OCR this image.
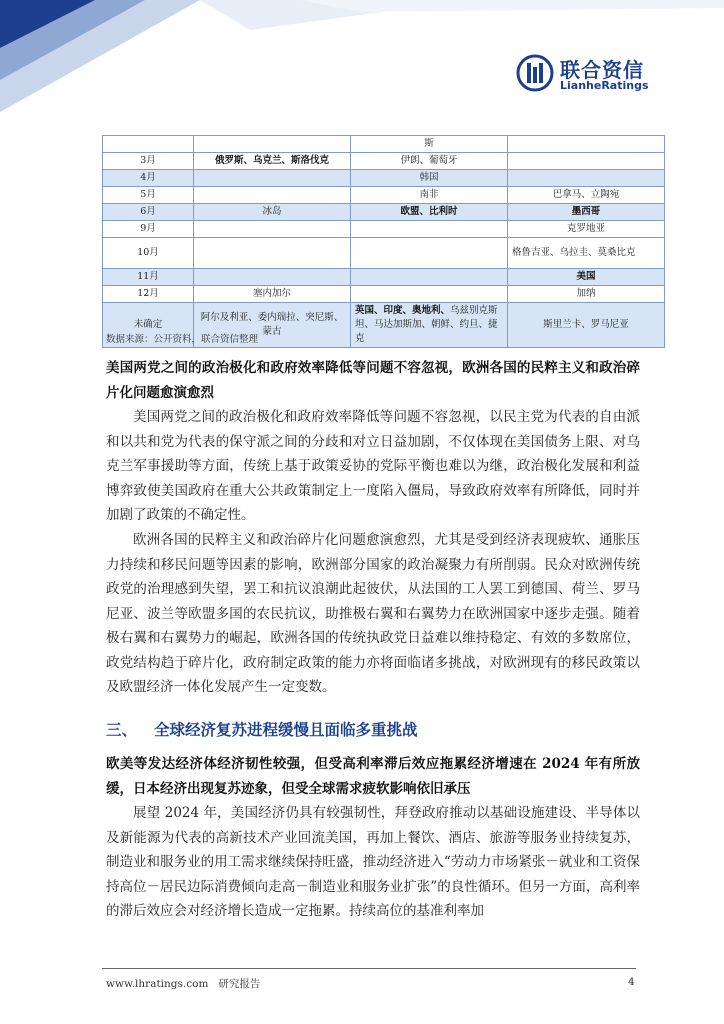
联合资信
LianheRatings
		斯	
3月	俄罗斯、乌克兰、斯洛伐克	伊朗、葡萄牙	
4月		韩国	
5月		南非	巴拿马、立陶宛
6月	冰岛	欧盟、比利时	墨西哥
9月			克罗地亚
10月			格鲁吉亚、乌拉圭、莫桑比克
11月			美国
12月	塞内加尔		加纳
未确定	阿尔及利亚、委内瑞拉、突尼斯、蒙古	英国、印度、奥地利、乌兹别克斯坦、马达加斯加、朝鲜、约旦、捷克	斯里兰卡、罗马尼亚
数据来源：公开资料，联合资信整理
美国两党之间的政治极化和政府效率降低等问题不容忽视，欧洲各国的民粹主义和政治碎片化问题愈演愈烈
美国两党之间的政治极化和政府效率降低等问题不容忽视，以民主党为代表的自由派和以共和党为代表的保守派之间的分歧和对立日益加剧，不仅体现在美国债务上限、对乌克兰军事援助等方面，传统上基于政策妥协的党际平衡也难以为继，政治极化发展和利益博弈致使美国政府在重大公共政策制定上一度陷入僵局，导致政府效率有所降低，同时并加剧了政策的不确定性。
欧洲各国的民粹主义和政治碎片化问题愈演愈烈，尤其是受到经济表现疲软、通胀压力持续和移民问题等因素的影响，欧洲部分国家的政治凝聚力有所削弱。民众对欧洲传统政党的治理感到失望，罢工和抗议浪潮此起彼伏，从法国的工人罢工到德国、荷兰、罗马尼亚、波兰等欧盟多国的农民抗议，助推极右翼和右翼势力在欧洲国家中逐步走强。随着极右翼和右翼势力的崛起，欧洲各国的传统执政党日益难以维持稳定、有效的多数席位，政党结构趋于碎片化，政府制定政策的能力亦将面临诸多挑战，对欧洲现有的移民政策以及欧盟经济一体化发展产生一定变数。
三、 全球经济复苏进程缓慢且面临多重挑战
欧美等发达经济体经济韧性较强，但受高利率滞后效应拖累经济增速在 2024 年有所放缓，日本经济出现复苏迹象，但受全球需求疲软影响依旧承压
展望 2024 年，美国经济仍具有较强韧性，拜登政府推动以基础设施建设、半导体以及新能源为代表的高新技术产业回流美国，再加上餐饮、酒店、旅游等服务业持续复苏，制造业和服务业的用工需求继续保持旺盛，推动经济进入“劳动力市场紧张－就业和工资保持高位－居民边际消费倾向走高－制造业和服务业扩张”的良性循环。但另一方面，高利率的滞后效应会对经济增长造成一定拖累。持续高位的基准利率加
www.lhratings.com 研究报告	4
